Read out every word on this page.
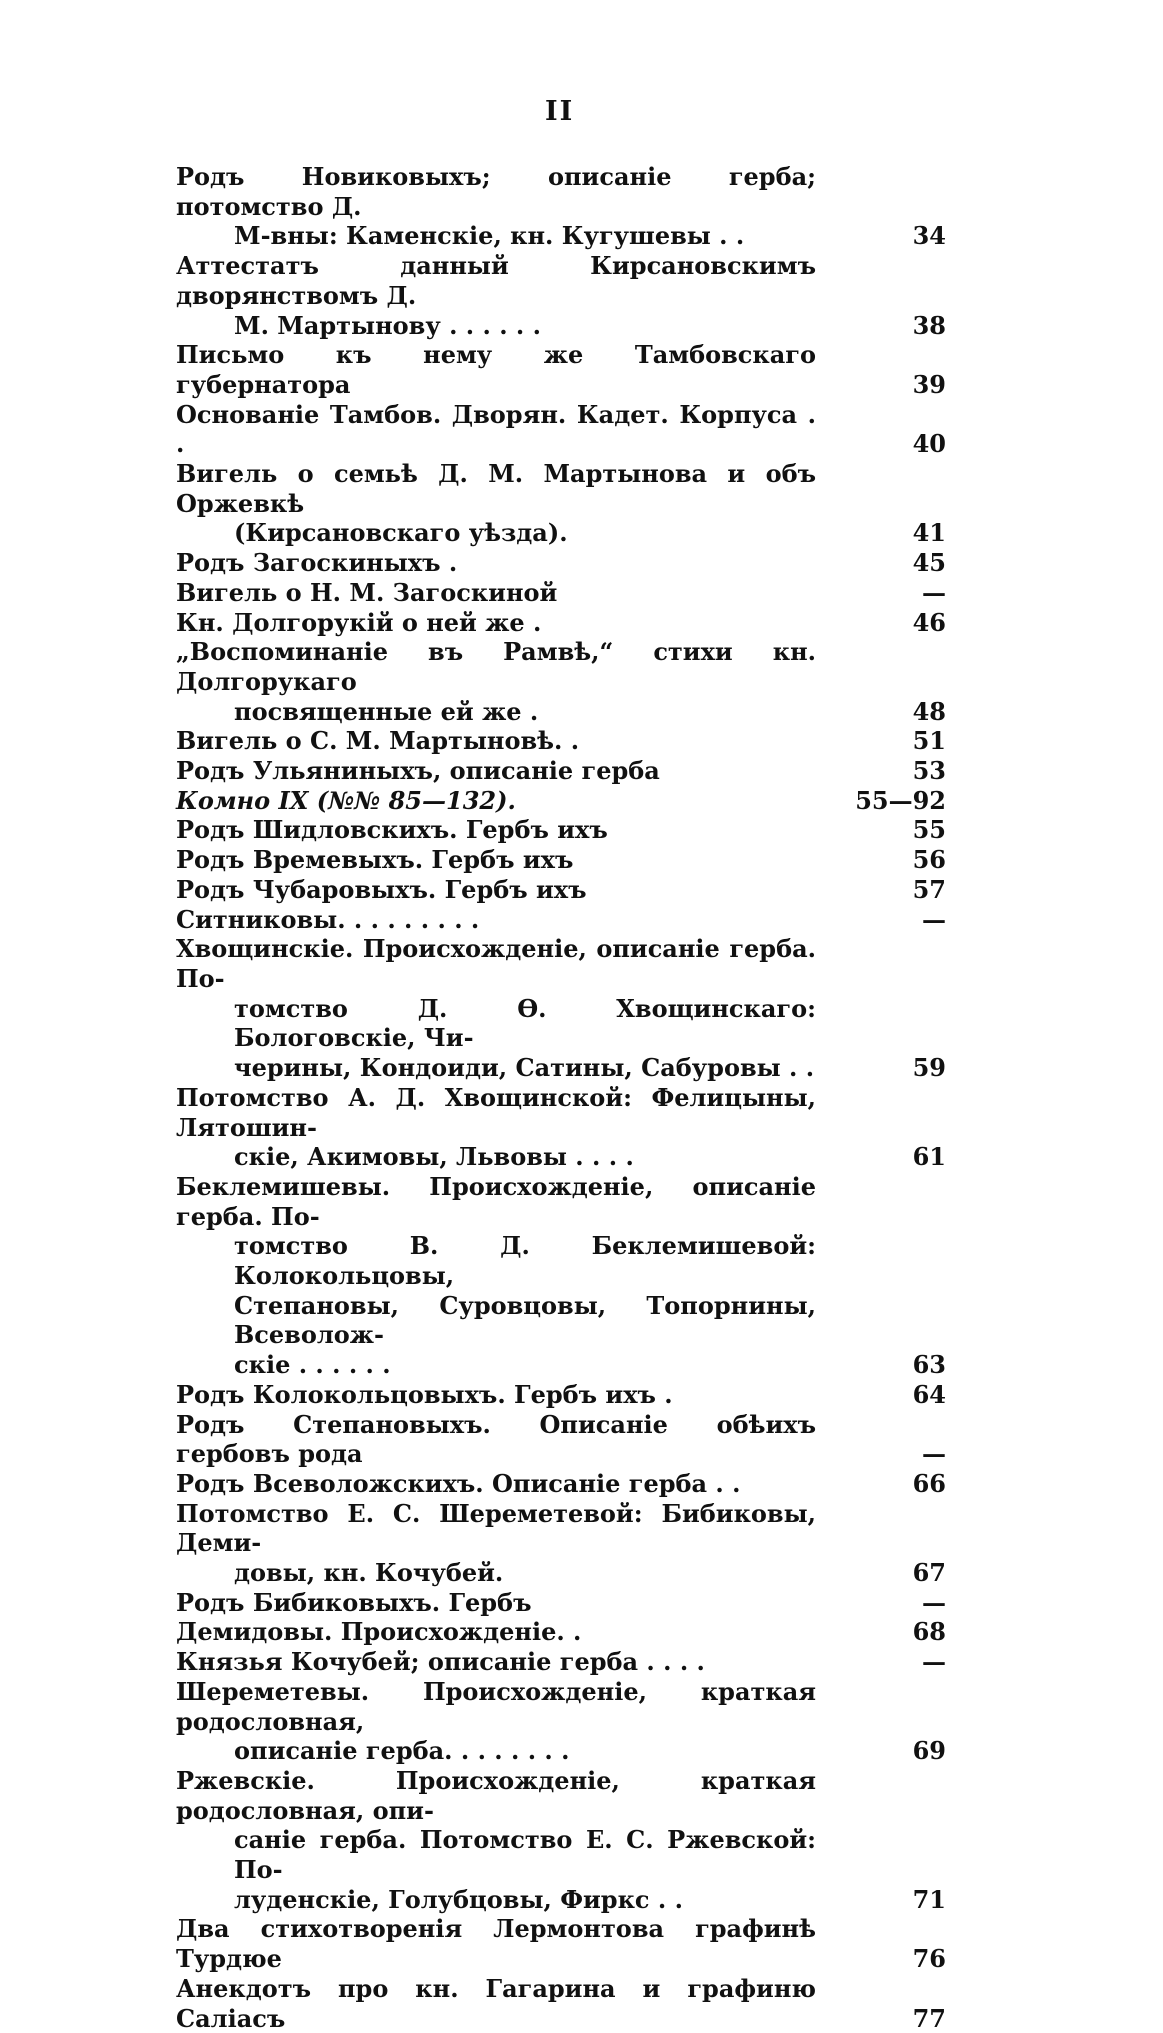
II
Родъ Новиковыхъ; описаніе герба; потомство Д.
М-вны: Каменскіе, кн. Кугушевы . .	34
Аттестатъ данный Кирсановскимъ дворянствомъ Д.
М. Мартынову . . . . . .	38
Письмо къ нему же Тамбовскаго губернатора	39
Основаніе Тамбов. Дворян. Кадет. Корпуса . .	40
Вигель о семьѣ Д. М. Мартынова и объ Оржевкѣ
(Кирсановскаго уѣзда).	41
Родъ Загоскиныхъ .	45
Вигель о Н. М. Загоскиной	—
Кн. Долгорукій о ней же .	46
„Воспоминаніе въ Рамвѣ,“ стихи кн. Долгорукаго
посвященные ей же .	48
Вигель о С. М. Мартыновѣ. .	51
Родъ Ульяниныхъ, описаніе герба	53
Комно IX (№№ 85—132).	55—92
Родъ Шидловскихъ. Гербъ ихъ	55
Родъ Времевыхъ. Гербъ ихъ	56
Родъ Чубаровыхъ. Гербъ ихъ	57
Ситниковы. . . . . . . . .	—
Хвощинскіе. Происхожденіе, описаніе герба. По-
томство Д. Ѳ. Хвощинскаго: Бологовскіе, Чи-
черины, Кондоиди, Сатины, Сабуровы . .	59
Потомство А. Д. Хвощинской: Фелицыны, Лятошин-
скіе, Акимовы, Львовы . . . .	61
Беклемишевы. Происхожденіе, описаніе герба. По-
томство В. Д. Беклемишевой: Колокольцовы,
Степановы, Суровцовы, Топорнины, Всеволож-
скіе . . . . . .	63
Родъ Колокольцовыхъ. Гербъ ихъ .	64
Родъ Степановыхъ. Описаніе обѣихъ гербовъ рода	—
Родъ Всеволожскихъ. Описаніе герба . .	66
Потомство Е. С. Шереметевой: Бибиковы, Деми-
довы, кн. Кочубей.	67
Родъ Бибиковыхъ. Гербъ	—
Демидовы. Происхожденіе. .	68
Князья Кочубей; описаніе герба . . . .	—
Шереметевы. Происхожденіе, краткая родословная,
описаніе герба. . . . . . . .	69
Ржевскіе. Происхожденіе, краткая родословная, опи-
саніе герба. Потомство Е. С. Ржевской: По-
луденскіе, Голубцовы, Фиркс . .	71
Два стихотворенія Лермонтова графинѣ Турдюе	76
Анекдотъ про кн. Гагарина и графиню Салiасъ	77
